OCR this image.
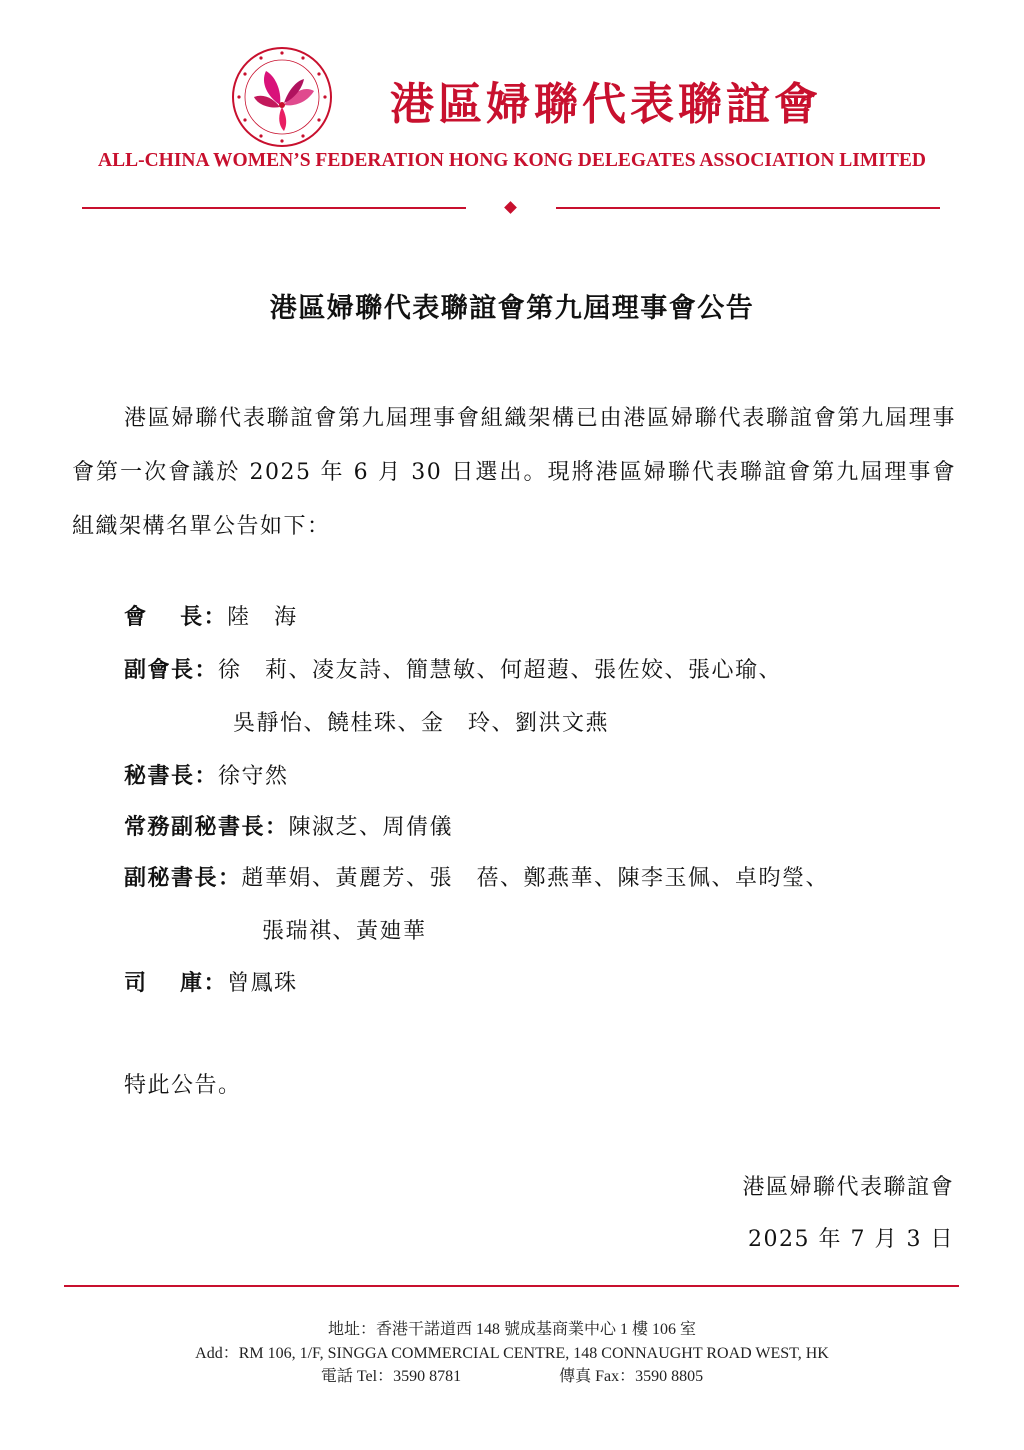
港區婦聯代表聯誼會
ALL-CHINA WOMEN’S FEDERATION HONG KONG DELEGATES ASSOCIATION LIMITED
港區婦聯代表聯誼會第九屆理事會公告
港區婦聯代表聯誼會第九屆理事會組織架構已由港區婦聯代表聯誼會第九屆理事會第一次會議於 2025 年 6 月 30 日選出。現將港區婦聯代表聯誼會第九屆理事會組織架構名單公告如下：
會　 長：陸　海
副會長：徐　莉、凌友詩、簡慧敏、何超蕸、張佐姣、張心瑜、
吳靜怡、饒桂珠、金　玲、劉洪文燕
秘書長：徐守然
常務副秘書長：陳淑芝、周倩儀
副秘書長：趙華娟、黃麗芳、張　蓓、鄭燕華、陳李玉佩、卓昀瑩、
張瑞祺、黃廸華
司　 庫：曾鳳珠
特此公告。
港區婦聯代表聯誼會
2025 年 7 月 3 日
地址：香港干諾道西 148 號成基商業中心 1 樓 106 室
Add：RM 106, 1/F, SINGGA COMMERCIAL CENTRE, 148 CONNAUGHT ROAD WEST, HK
電話 Tel：3590 8781	傳真 Fax：3590 8805
